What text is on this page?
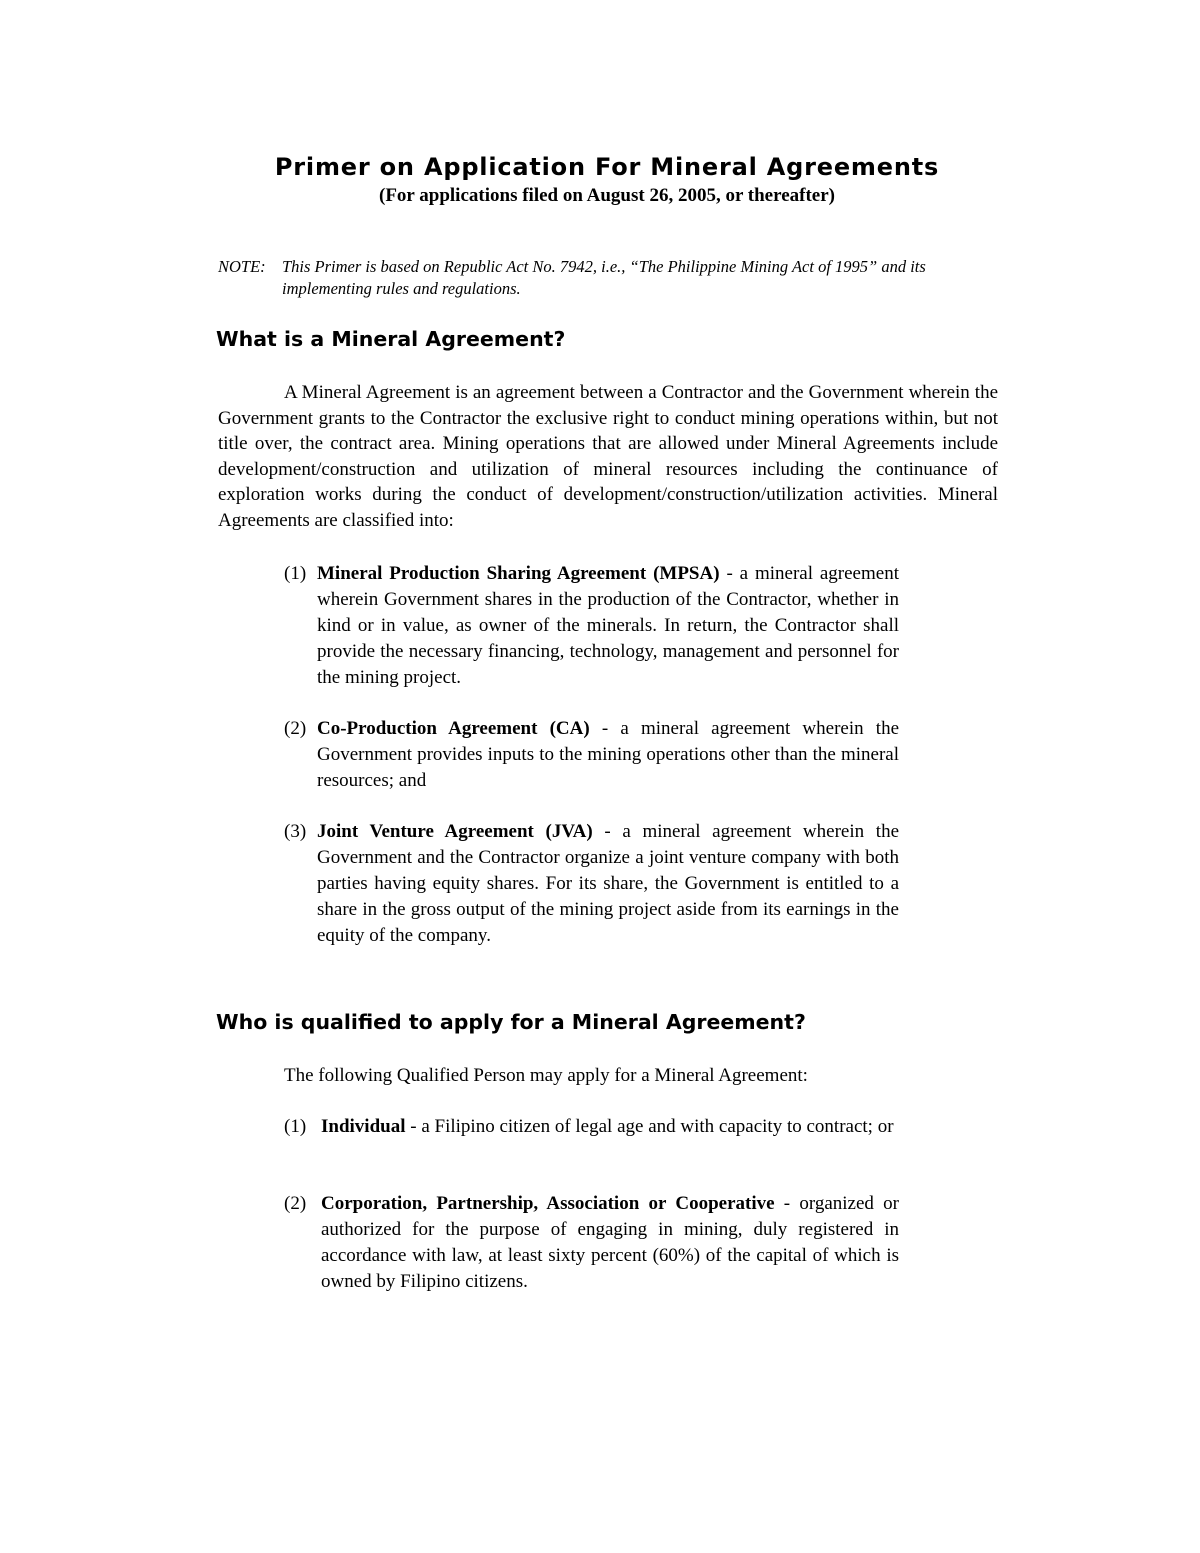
Primer on Application For Mineral Agreements
(For applications filed on August 26, 2005, or thereafter)
NOTE: This Primer is based on Republic Act No. 7942, i.e., “The Philippine Mining Act of 1995” and its implementing rules and regulations.
What is a Mineral Agreement?

A Mineral Agreement is an agreement between a Contractor and the Government wherein the Government grants to the Contractor the exclusive right to conduct mining operations within, but not title over, the contract area. Mining operations that are allowed under Mineral Agreements include development/construction and utilization of mineral resources including the continuance of exploration works during the conduct of development/construction/utilization activities. Mineral Agreements are classified into:

(1) Mineral Production Sharing Agreement (MPSA) - a mineral agreement wherein Government shares in the production of the Contractor, whether in kind or in value, as owner of the minerals. In return, the Contractor shall provide the necessary financing, technology, management and personnel for the mining project.
(2) Co-Production Agreement (CA) - a mineral agreement wherein the Government provides inputs to the mining operations other than the mineral resources; and
(3) Joint Venture Agreement (JVA) - a mineral agreement wherein the Government and the Contractor organize a joint venture company with both parties having equity shares. For its share, the Government is entitled to a share in the gross output of the mining project aside from its earnings in the equity of the company.
Who is qualified to apply for a Mineral Agreement?

The following Qualified Person may apply for a Mineral Agreement:

(1) Individual - a Filipino citizen of legal age and with capacity to contract; or
(2) Corporation, Partnership, Association or Cooperative - organized or authorized for the purpose of engaging in mining, duly registered in accordance with law, at least sixty percent (60%) of the capital of which is owned by Filipino citizens.
